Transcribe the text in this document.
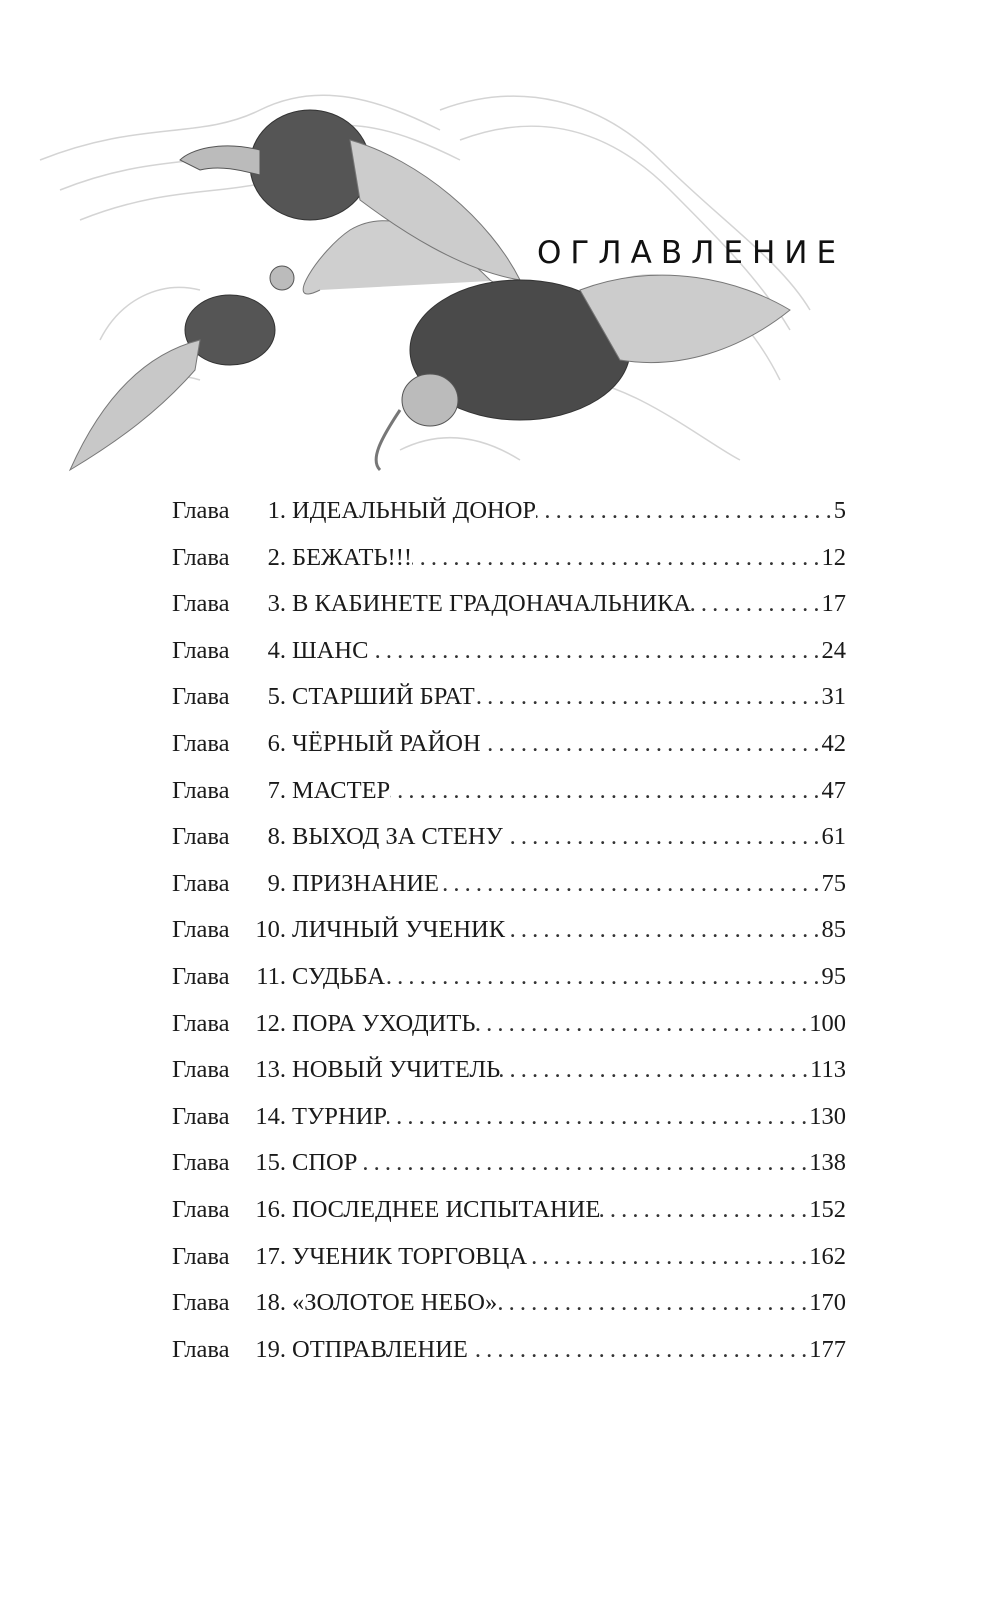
ОГЛАВЛЕНИЕ
Глава	1. ИДЕАЛЬНЫЙ ДОНОР . . .	5
Глава	2. БЕЖАТЬ!!! . . .	12
Глава	3. В КАБИНЕТЕ ГРАДОНАЧАЛЬНИКА . . .	17
Глава	4. ШАНС . . .	24
Глава	5. СТАРШИЙ БРАТ . . .	31
Глава	6. ЧЁРНЫЙ РАЙОН . . .	42
Глава	7. МАСТЕР . . .	47
Глава	8. ВЫХОД ЗА СТЕНУ . . .	61
Глава	9. ПРИЗНАНИЕ . . .	75
Глава	10. ЛИЧНЫЙ УЧЕНИК . . .	85
Глава	11. СУДЬБА . . .	95
Глава	12. ПОРА УХОДИТЬ . . .	100
Глава	13. НОВЫЙ УЧИТЕЛЬ . . .	113
Глава	14. ТУРНИР . . .	130
Глава	15. СПОР . . .	138
Глава	16. ПОСЛЕДНЕЕ ИСПЫТАНИЕ . . .	152
Глава	17. УЧЕНИК ТОРГОВЦА . . .	162
Глава	18. «ЗОЛОТОЕ НЕБО» . . .	170
Глава	19. ОТПРАВЛЕНИЕ . . .	177
